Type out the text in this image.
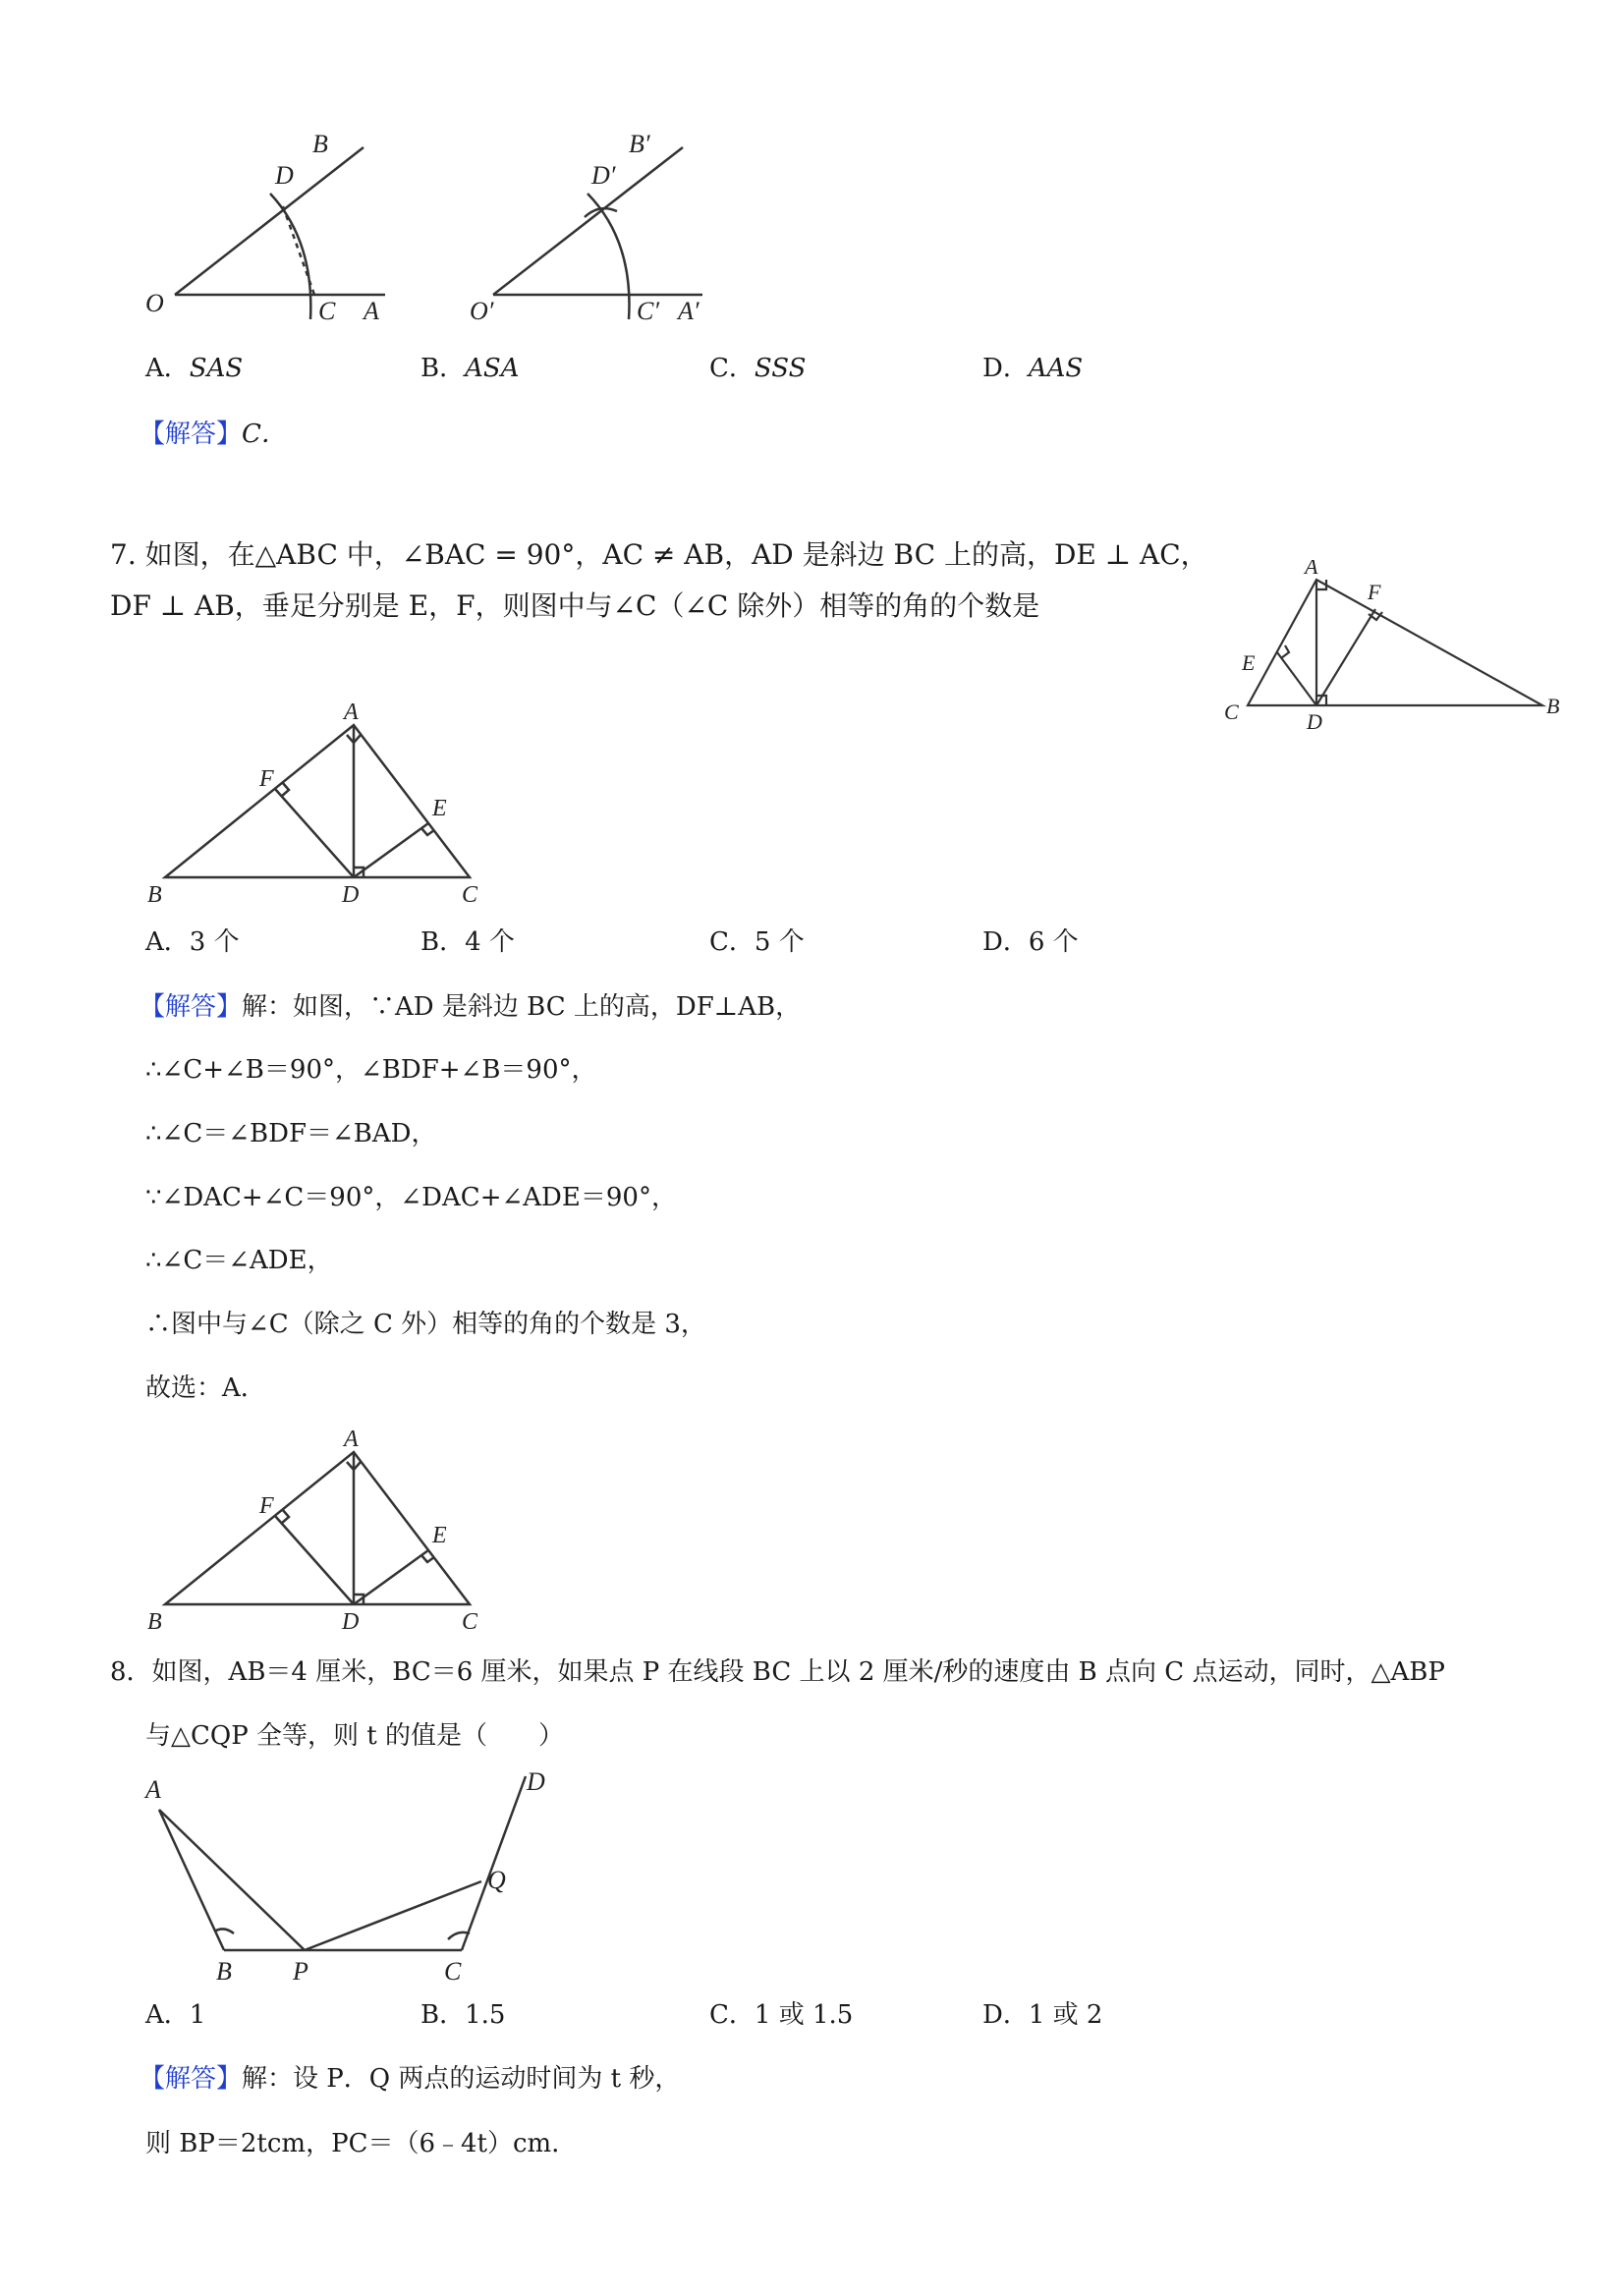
B
D
O	C A
B′
D′
O′	C′ A′
A．SAS	B．ASA	C．SSS	D．AAS
【解答】C．
7. 如图，在△ABC 中，∠BAC = 90°，AC ≠ AB，AD 是斜边 BC 上的高，DE ⊥ AC，
DF ⊥ AB，垂足分别是 E，F，则图中与∠C（∠C 除外）相等的角的个数是
A
F
E
C	D
B
A
F
E
B	D	C
A．3 个	B．4 个	C．5 个	D．6 个
【解答】解：如图，∵AD 是斜边 BC 上的高，DF⊥AB，
∴∠C+∠B＝90°，∠BDF+∠B＝90°，
∴∠C＝∠BDF＝∠BAD，
∵∠DAC+∠C＝90°，∠DAC+∠ADE＝90°，
∴∠C＝∠ADE，
∴图中与∠C（除之 C 外）相等的角的个数是 3，
故选：A．
A
F
E
B	D	C
8．如图，AB＝4 厘米，BC＝6 厘米，如果点 P 在线段 BC 上以 2 厘米/秒的速度由 B 点向 C 点运动，同时，△ABP
与△CQP 全等，则 t 的值是（　　）
A
B P	C
Q
D
A．1	B．1.5	C．1 或 1.5	D．1 或 2
【解答】解：设 P．Q 两点的运动时间为 t 秒，
则 BP＝2tcm，PC＝（6﹣4t）cm．
